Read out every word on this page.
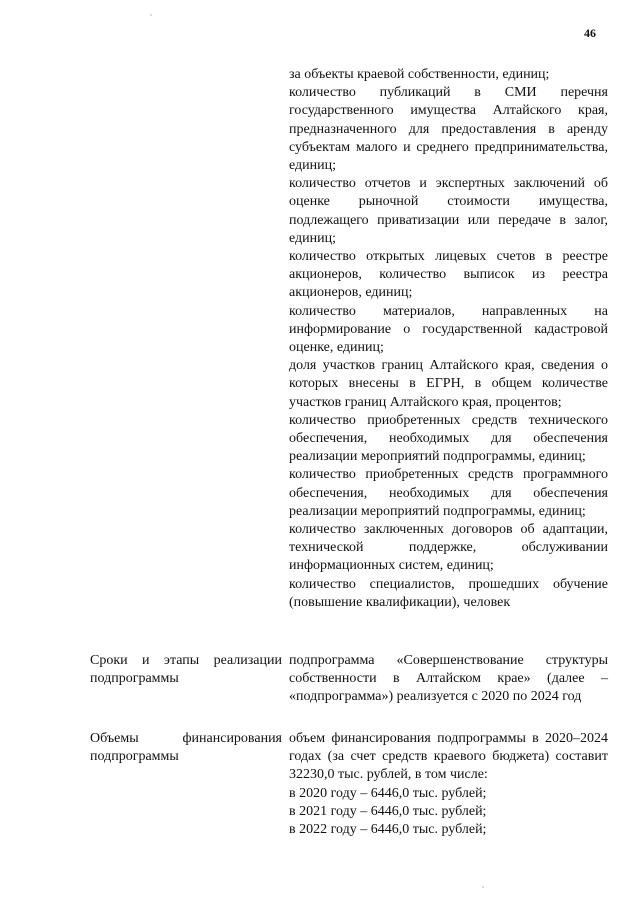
46

за объекты краевой собственности, единиц;

количество публикаций в СМИ перечня государственного имущества Алтайского края, предназначенного для предоставления в аренду субъектам малого и среднего предпринимательства, единиц;

количество отчетов и экспертных заключений об оценке рыночной стоимости имущества, подлежащего приватизации или передаче в залог, единиц;

количество открытых лицевых счетов в реестре акционеров, количество выписок из реестра акционеров, единиц;

количество материалов, направленных на информирование о государственной кадастровой оценке, единиц;

доля участков границ Алтайского края, сведения о которых внесены в ЕГРН, в общем количестве участков границ Алтайского края, процентов;

количество приобретенных средств технического обеспечения, необходимых для обеспечения реализации мероприятий подпрограммы, единиц;

количество приобретенных средств программного обеспечения, необходимых для обеспечения реализации мероприятий подпрограммы, единиц;

количество заключенных договоров об адаптации, технической поддержке, обслуживании информационных систем, единиц;

количество специалистов, прошедших обучение (повышение квалификации), человек

Сроки и этапы реализации подпрограммы
подпрограмма «Совершенствование структуры собственности в Алтайском крае» (далее – «подпрограмма») реализуется с 2020 по 2024 год
Объемы финансирования подпрограммы

объем финансирования подпрограммы в 2020–2024 годах (за счет средств краевого бюджета) составит 32230,0 тыс. рублей, в том числе:

в 2020 году – 6446,0 тыс. рублей;

в 2021 году – 6446,0 тыс. рублей;

в 2022 году – 6446,0 тыс. рублей;
